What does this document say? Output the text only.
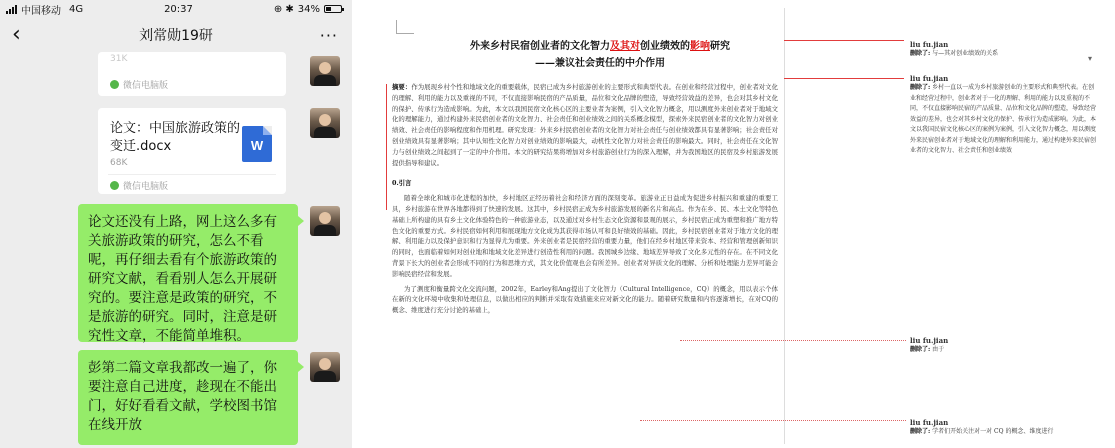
中国移动 4G	20:37	⊕ ✱ 34%
‹	刘常勋19研	···
31K
微信电脑版
论文：中国旅游政策的变迁.docx
68K
W
微信电脑版
论文还没有上路，网上这么多有关旅游政策的研究，怎么不看呢，再仔细去看有个旅游政策的研究文献，看看别人怎么开展研究的。要注意是政策的研究，不是旅游的研究。同时，注意是研究性文章，不能简单堆积。
彭第二篇文章我都改一遍了，你要注意自己进度，趁现在不能出门，好好看看文献，学校图书馆在线开放
外来乡村民宿创业者的文化智力及其对创业绩效的影响研究
——兼议社会责任的中介作用

摘要：作为展现乡村个性和地域文化的重要载体，民宿已成为乡村旅游创业的主要形式和典型代表。在创业和经营过程中，创业者对文化的理解、利用的能力以及重视的不同，不仅直接影响民宿的产品质量，品位和文化品牌的塑造，导致经营效益的差异，也会对其乡村文化的保护、传承行为造成影响。为此，本文以我国民宿文化核心区的主要业者为案例，引入文化智力概念，用以测度外来创业者对于地域文化的理解能力，通过构建外来民宿创业者的文化智力、社会责任和创业绩效之间的关系概念模型，探索外来民宿创业者的文化智力对创业绩效、社会责任的影响程度和作用机理。研究发现：外来乡村民宿创业者的文化智力对社会责任与创业绩效都具有显著影响；社会责任对创业绩效具有显著影响；其中认知性文化智力对创业绩效的影响最大，动机性文化智力对社会责任的影响最大。同时，社会责任在文化智力与创业绩效之间起到了一定的中介作用。本文的研究结果将增加对乡村旅游创业行为的深入理解，并为我国地区的民宿及乡村旅游发展提供指导和建议。

0.引言

随着全球化和城市化进程的加快，乡村地区正经历着社会和经济方面的深刻变革。旅游业正日益成为促进乡村振兴和重建的重要工具，乡村旅游在世界各地都得到了快速的发展。这其中，乡村民宿正成为乡村旅游发展的新名片和高点。作为在乡、民、本土文化等特色基础上所构建的具有乡土文化体验特色的一种旅游业态，以及通过对乡村生态文化资源和景观的展示，乡村民宿正成为重塑和推广地方特色文化的重要方式。乡村民宿如何利用和展现地方文化成为其获得市场认可和良好绩效的基础。因此，乡村民宿创业者对于地方文化的理解、利用能力以及保护意识和行为显得尤为重要。外来创业者是民宿经营的重要力量，他们在经乡村地区带来资本、经营和管理创新知识的同时，也面临着如何对创业地和地域文化差异进行创造性利用的问题。我国城乡边缘、地域差异导致了文化多元性的存在。在不同文化背景下长大的创业者会形成不同的行为和思维方式，其文化价值观也会有所差异。创业者对异质文化的理解、分析和处理能力差异可能会影响民宿经营和发展。

为了测度和衡量跨文化交流问题，2002年，Earley和Ang提出了文化智力（Cultural Intelligence，CQ）的概念，用以表示个体在新的文化环境中收集和处理信息，以做出相应的判断并采取有效措施来应对新文化的能力。随着研究数量和内容逐渐增长，在对CQ的概念、维度进行充分讨论的基础上，

liu fu.jian
删除了: 与—其对创业绩效的关系
▾
liu fu.jian
删除了: 乡村一直以一成为乡村旅游创业的主要形式和典型代表。在创业和经营过程中，创业者对于一化的理解、利用的能力以及重视的不同，不仅直接影响民宿的产品质量、品位和文化品牌的塑造，导致经营效益的差异，也会对其乡村文化的保护、传承行为造成影响。为此，本文以我国民宿文化核心区的案例为案例，引入文化智力概念，用以测度外来民宿创业者对于地域文化的理解和利用能力，通过构建外来民宿创业者的文化智力、社会责任和创业绩效
liu fu.jian
删除了: 由于
liu fu.jian
删除了: 学者们开始关注对一对 CQ 的概念、维度进行
